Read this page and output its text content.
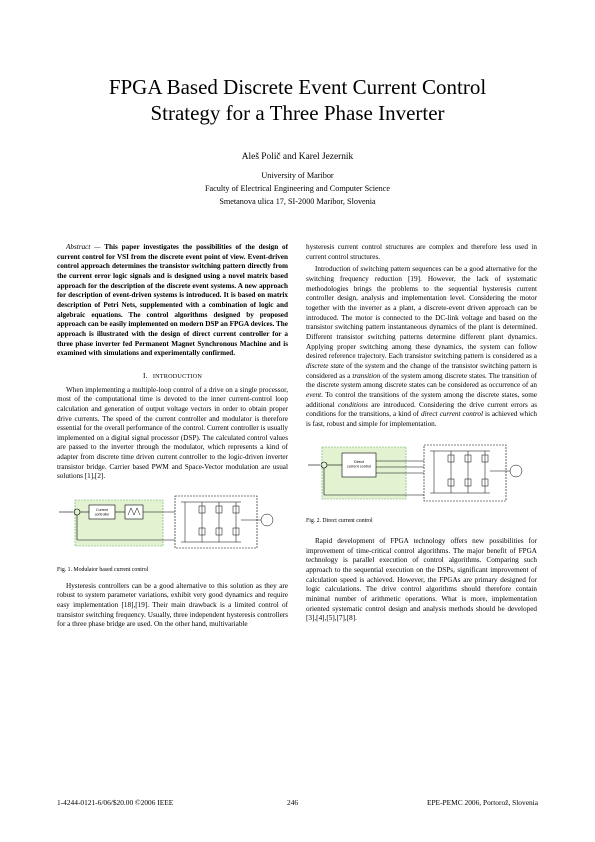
FPGA Based Discrete Event Current Control
Strategy for a Three Phase Inverter
Aleš Polič and Karel Jezernik
University of Maribor
Faculty of Electrical Engineering and Computer Science
Smetanova ulica 17, SI-2000 Maribor, Slovenia

Abstract — This paper investigates the possibilities of the design of current control for VSI from the discrete event point of view. Event-driven control approach determines the transistor switching pattern directly from the current error logic signals and is designed using a novel matrix based approach for the description of the discrete event systems. A new approach for description of event-driven systems is introduced. It is based on matrix description of Petri Nets, supplemented with a combination of logic and algebraic equations. The control algorithms designed by proposed approach can be easily implemented on modern DSP an FPGA devices. The approach is illustrated with the design of direct current controller for a three phase inverter fed Permanent Magnet Synchronous Machine and is examined with simulations and experimentally confirmed.

I. INTRODUCTION

When implementing a multiple-loop control of a drive on a single processor, most of the computational time is devoted to the inner current-control loop calculation and generation of output voltage vectors in order to obtain proper drive currents. The speed of the current controller and modulator is therefore essential for the overall performance of the control. Current controller is usually implemented on a digital signal processor (DSP). The calculated control values are passed to the inverter through the modulator, which represents a kind of adapter from discrete time driven current controller to the logic-driven inverter transistor bridge. Carrier based PWM and Space-Vector modulation are usual solutions [1],[2].

Current controller
Fig. 1. Modulator based current control

Hysteresis controllers can be a good alternative to this solution as they are robust to system parameter variations, exhibit very good dynamics and require easy implementation [18],[19]. Their main drawback is a limited control of transistor switching frequency. Usually, three independent hysteresis controllers for a three phase bridge are used. On the other hand, multivariable

hysteresis current control structures are complex and therefore less used in current control structures.

Introduction of switching pattern sequences can be a good alternative for the switching frequency reduction [19]. However, the lack of systematic methodologies brings the problems to the sequential hysteresis current controller design, analysis and implementation level. Considering the motor together with the inverter as a plant, a discrete-event driven approach can be introduced. The motor is connected to the DC-link voltage and based on the transistor switching pattern instantaneous dynamics of the plant is determined. Different transistor switching patterns determine different plant dynamics. Applying proper switching among these dynamics, the system can follow desired reference trajectory. Each transistor switching pattern is considered as a discrete state of the system and the change of the transistor switching pattern is considered as a transition of the system among discrete states. The transition of the discrete system among discrete states can be considered as occurrence of an event. To control the transitions of the system among the discrete states, some additional conditions are introduced. Considering the drive current errors as conditions for the transitions, a kind of direct current control is achieved which is fast, robust and simple for implementation.

Direct current control
Fig. 2. Direct current control

Rapid development of FPGA technology offers new possibilities for improvement of time-critical control algorithms. The major benefit of FPGA technology is parallel execution of control algorithms. Comparing such approach to the sequential execution on the DSPs, significant improvement of calculation speed is achieved. However, the FPGAs are primary designed for logic calculations. The drive control algorithms should therefore contain minimal number of arithmetic operations. What is more, implementation oriented systematic control design and analysis methods should be developed [3],[4],[5],[7],[8].

1-4244-0121-6/06/$20.00 ©2006 IEEE	246	EPE-PEMC 2006, Portorož, Slovenia
